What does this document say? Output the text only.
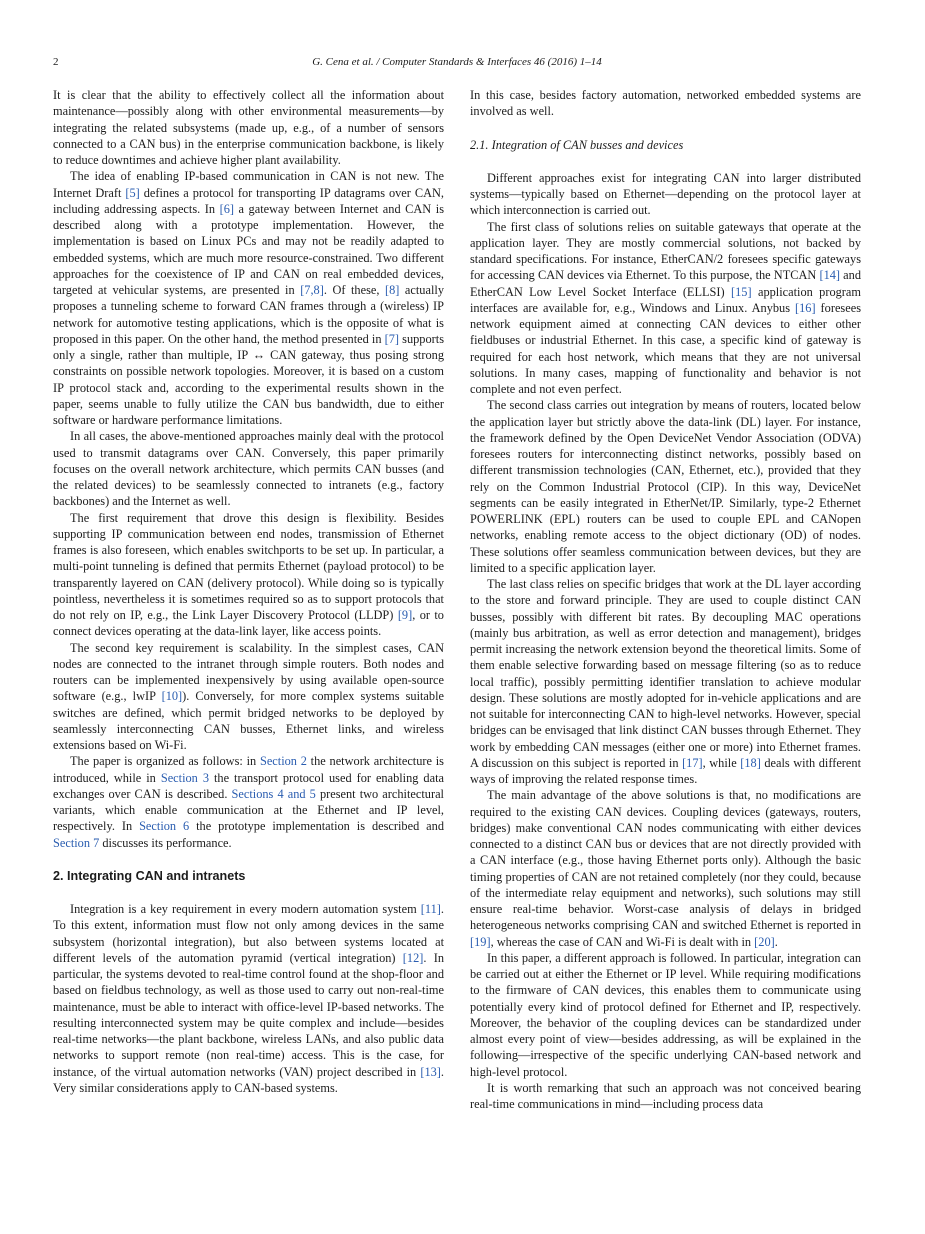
2	G. Cena et al. / Computer Standards & Interfaces 46 (2016) 1–14

It is clear that the ability to effectively collect all the information about maintenance—possibly along with other environmental measurements—by integrating the related subsystems (made up, e.g., of a number of sensors connected to a CAN bus) in the enterprise communication backbone, is likely to reduce downtimes and achieve higher plant availability.

The idea of enabling IP-based communication in CAN is not new. The Internet Draft [5] defines a protocol for transporting IP datagrams over CAN, including addressing aspects. In [6] a gateway between Internet and CAN is described along with a prototype implementation. However, the implementation is based on Linux PCs and may not be readily adapted to embedded systems, which are much more resource-constrained. Two different approaches for the coexistence of IP and CAN on real embedded devices, targeted at vehicular systems, are presented in [7,8]. Of these, [8] actually proposes a tunneling scheme to forward CAN frames through a (wireless) IP network for automotive testing applications, which is the opposite of what is proposed in this paper. On the other hand, the method presented in [7] supports only a single, rather than multiple, IP ↔ CAN gateway, thus posing strong constraints on possible network topologies. Moreover, it is based on a custom IP protocol stack and, according to the experimental results shown in the paper, seems unable to fully utilize the CAN bus bandwidth, due to either software or hardware performance limitations.

In all cases, the above-mentioned approaches mainly deal with the protocol used to transmit datagrams over CAN. Conversely, this paper primarily focuses on the overall network architecture, which permits CAN busses (and the related devices) to be seamlessly connected to intranets (e.g., factory backbones) and the Internet as well.

The first requirement that drove this design is flexibility. Besides supporting IP communication between end nodes, transmission of Ethernet frames is also foreseen, which enables switchports to be set up. In particular, a multi-point tunneling is defined that permits Ethernet (payload protocol) to be transparently layered on CAN (delivery protocol). While doing so is typically pointless, nevertheless it is sometimes required so as to support protocols that do not rely on IP, e.g., the Link Layer Discovery Protocol (LLDP) [9], or to connect devices operating at the data-link layer, like access points.

The second key requirement is scalability. In the simplest cases, CAN nodes are connected to the intranet through simple routers. Both nodes and routers can be implemented inexpensively by using available open-source software (e.g., lwIP [10]). Conversely, for more complex systems suitable switches are defined, which permit bridged networks to be deployed by seamlessly interconnecting CAN busses, Ethernet links, and wireless extensions based on Wi-Fi.

The paper is organized as follows: in Section 2 the network architecture is introduced, while in Section 3 the transport protocol used for enabling data exchanges over CAN is described. Sections 4 and 5 present two architectural variants, which enable communication at the Ethernet and IP level, respectively. In Section 6 the prototype implementation is described and Section 7 discusses its performance.

2. Integrating CAN and intranets

Integration is a key requirement in every modern automation system [11]. To this extent, information must flow not only among devices in the same subsystem (horizontal integration), but also between systems located at different levels of the automation pyramid (vertical integration) [12]. In particular, the systems devoted to real-time control found at the shop-floor and based on fieldbus technology, as well as those used to carry out non-real-time maintenance, must be able to interact with office-level IP-based networks. The resulting interconnected system may be quite complex and include—besides real-time networks—the plant backbone, wireless LANs, and also public data networks to support remote (non real-time) access. This is the case, for instance, of the virtual automation networks (VAN) project described in [13]. Very similar considerations apply to CAN-based systems.

In this case, besides factory automation, networked embedded systems are involved as well.

2.1. Integration of CAN busses and devices

Different approaches exist for integrating CAN into larger distributed systems—typically based on Ethernet—depending on the protocol layer at which interconnection is carried out.

The first class of solutions relies on suitable gateways that operate at the application layer. They are mostly commercial solutions, not backed by standard specifications. For instance, EtherCAN/2 foresees specific gateways for accessing CAN devices via Ethernet. To this purpose, the NTCAN [14] and EtherCAN Low Level Socket Interface (ELLSI) [15] application program interfaces are available for, e.g., Windows and Linux. Anybus [16] foresees network equipment aimed at connecting CAN devices to either other fieldbuses or industrial Ethernet. In this case, a specific kind of gateway is required for each host network, which means that they are not universal solutions. In many cases, mapping of functionality and behavior is not complete and not even perfect.

The second class carries out integration by means of routers, located below the application layer but strictly above the data-link (DL) layer. For instance, the framework defined by the Open DeviceNet Vendor Association (ODVA) foresees routers for interconnecting distinct networks, possibly based on different transmission technologies (CAN, Ethernet, etc.), provided that they rely on the Common Industrial Protocol (CIP). In this way, DeviceNet segments can be easily integrated in EtherNet/IP. Similarly, type-2 Ethernet POWERLINK (EPL) routers can be used to couple EPL and CANopen networks, enabling remote access to the object dictionary (OD) of nodes. These solutions offer seamless communication between devices, but they are limited to a specific application layer.

The last class relies on specific bridges that work at the DL layer according to the store and forward principle. They are used to couple distinct CAN busses, possibly with different bit rates. By decoupling MAC operations (mainly bus arbitration, as well as error detection and management), bridges permit increasing the network extension beyond the theoretical limits. Some of them enable selective forwarding based on message filtering (so as to reduce local traffic), possibly permitting identifier translation to achieve modular design. These solutions are mostly adopted for in-vehicle applications and are not suitable for interconnecting CAN to high-level networks. However, special bridges can be envisaged that link distinct CAN busses through Ethernet. They work by embedding CAN messages (either one or more) into Ethernet frames. A discussion on this subject is reported in [17], while [18] deals with different ways of improving the related response times.

The main advantage of the above solutions is that, no modifications are required to the existing CAN devices. Coupling devices (gateways, routers, bridges) make conventional CAN nodes communicating with either devices connected to a distinct CAN bus or devices that are not directly provided with a CAN interface (e.g., those having Ethernet ports only). Although the basic timing properties of CAN are not retained completely (nor they could, because of the intermediate relay equipment and networks), such solutions may still ensure real-time behavior. Worst-case analysis of delays in bridged heterogeneous networks comprising CAN and switched Ethernet is reported in [19], whereas the case of CAN and Wi-Fi is dealt with in [20].

In this paper, a different approach is followed. In particular, integration can be carried out at either the Ethernet or IP level. While requiring modifications to the firmware of CAN devices, this enables them to communicate using potentially every kind of protocol defined for Ethernet and IP, respectively. Moreover, the behavior of the coupling devices can be standardized under almost every point of view—besides addressing, as will be explained in the following—irrespective of the specific underlying CAN-based network and high-level protocol.

It is worth remarking that such an approach was not conceived bearing real-time communications in mind—including process data
